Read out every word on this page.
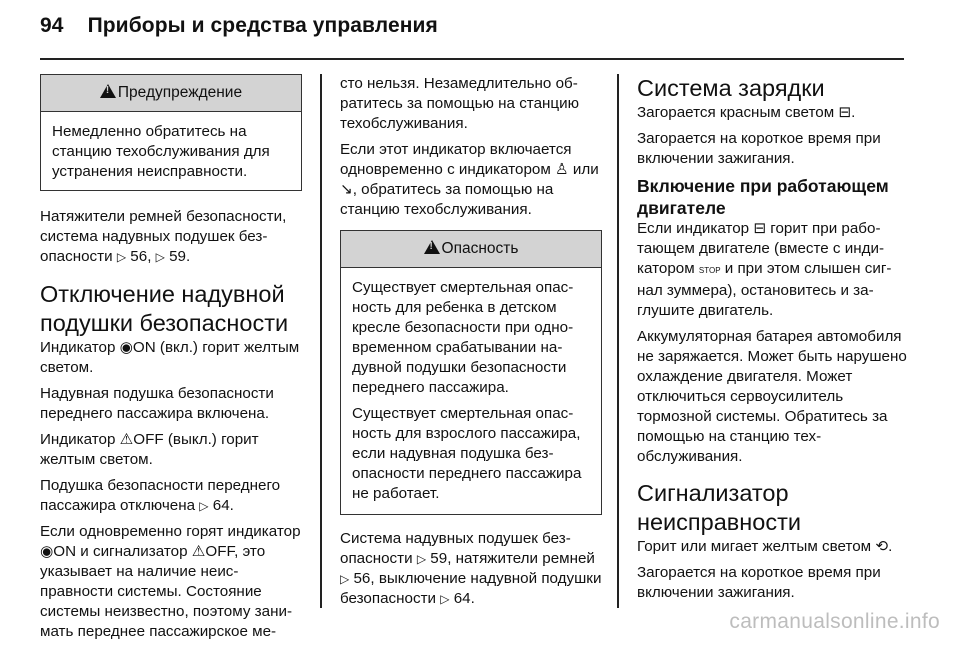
94 Приборы и средства управления
!Предупреждение

Немедленно обратитесь на станцию техобслуживания для устранения неисправности.

Натяжители ремней безопасности, система надувных подушек безопасности ▷ 56, ▷ 59.

Отключение надувной подушки безопасности

Индикатор ◉ON (вкл.) горит желтым светом.

Надувная подушка безопасности переднего пассажира включена.

Индикатор ⚠OFF (выкл.) горит желтым светом.

Подушка безопасности переднего пассажира отключена ▷ 64.

Если одновременно горят индикатор ◉ON и сигнализатор ⚠OFF, это указывает на наличие неисправности системы. Состояние системы неизвестно, поэтому занимать переднее пассажирское ме-

сто нельзя. Незамедлительно обратитесь за помощью на станцию техобслуживания.

Если этот индикатор включается одновременно с индикатором ♙ или ↘, обратитесь за помощью на станцию техобслуживания.

!Опасность

Существует смертельная опасность для ребенка в детском кресле безопасности при одновременном срабатывании надувной подушки безопасности переднего пассажира.

Существует смертельная опасность для взрослого пассажира, если надувная подушка безопасности переднего пассажира не работает.

Система надувных подушек безопасности ▷ 59, натяжители ремней ▷ 56, выключение надувной подушки безопасности ▷ 64.

Система зарядки

Загорается красным светом ⊟.

Загорается на короткое время при включении зажигания.

Включение при работающем двигателе

Если индикатор ⊟ горит при работающем двигателе (вместе с индикатором STOP и при этом слышен сигнал зуммера), остановитесь и заглушите двигатель.

Аккумуляторная батарея автомобиля не заряжается. Может быть нарушено охлаждение двигателя. Может отключиться сервоусилитель тормозной системы. Обратитесь за помощью на станцию техобслуживания.

Сигнализатор неисправности

Горит или мигает желтым светом ⟲.

Загорается на короткое время при включении зажигания.

carmanualsonline.info
